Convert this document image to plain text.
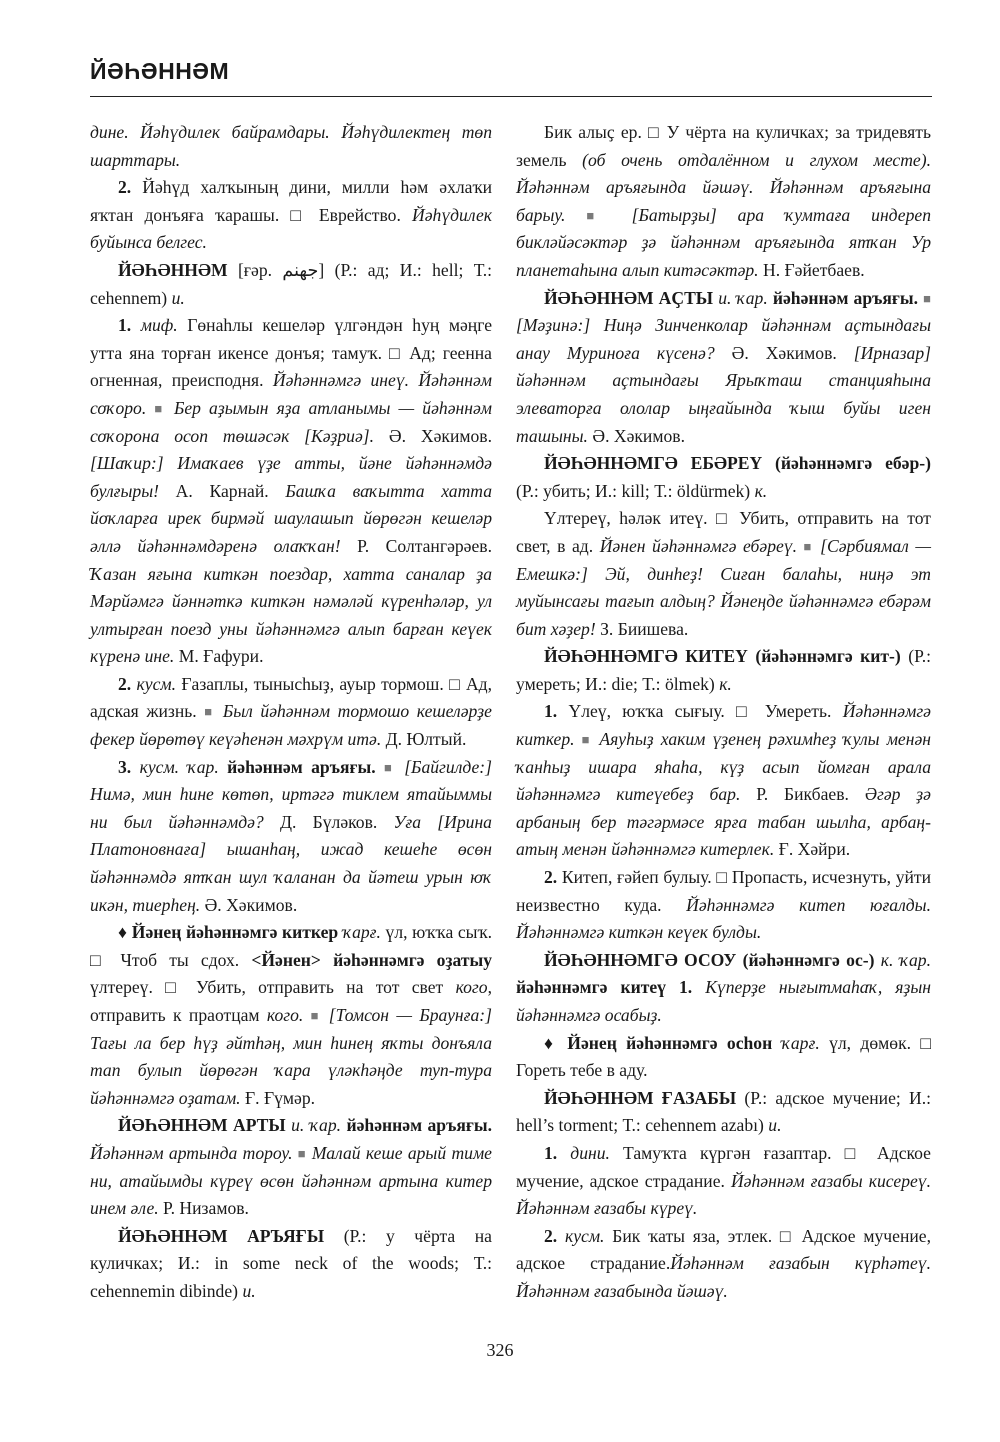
ЙӘҺӘННӘМ

дине. Йәһүдилек байрамдары. Йәһүдилектең төп шарттары.

2. Йәһүд халҡының дини, милли һәм әхлаҡи яҡтан донъяға ҡарашы. □ Еврейство. Йәһүдилек буйынса белгес.

ЙӘҺӘННӘМ [ғәр. جهنم] (Р.: ад; И.: hell; Т.: cehennem) и.

1. миф. Гөнаһлы кешеләр үлгәндән һуң мәңге утта яна торған икенсе донъя; тамуҡ. □ Ад; геенна огненная, преисподня. Йәһәннәмгә инеү. Йәһәннәм соҡоро. ■ Бер аҙымын яҙа атланымы — йәһәннәм соҡорона осоп төшәсәк [Кәҙриә]. Ә. Хәкимов. [Шаҡир:] Имаҡаев үҙе атты, йәне йәһәннәмдә булғыры! А. Карнай. Башҡа ваҡытта хатта йоҡларға ирек бирмәй шаулашып йөрөгән кешеләр әллә йәһәннәмдәренә олаҡҡан! Р. Солтангәрәев. Ҡазан яғына киткән поездар, хатта саналар ҙа Мәрйәмгә йәннәткә киткән нәмәләй күренһәләр, ул ултырған поезд уны йәһәннәмгә алып барған кеүек күренә ине. М. Ғафури.

2. кусм. Ғазаплы, тынысһыҙ, ауыр тормош. □ Ад, адская жизнь. ■ Был йәһәннәм тормошо кешеләрҙе фекер йөрөтөү кеүәһенән мәхрүм итә. Д. Юлтый.

3. кусм. ҡар. йәһәннәм аръяғы. ■ [Байгилде:] Нимә, мин һине көтөп, иртәгә тиклем ятайыммы ни был йәһәннәмдә? Д. Бүләков. Уға [Ирина Платоновнаға] ышанһаң, ижад кешеһе өсөн йәһәннәмдә ятҡан шул ҡаланан да йәтеш урын юҡ икән, тиерһең. Ә. Хәкимов.

♦ Йәнең йәһәннәмгә киткер ҡарғ. үл, юҡҡа сыҡ. □ Чтоб ты сдох. <Йәнен> йәһәннәмгә оҙатыу үлтереү. □ Убить, отправить на тот свет кого, отправить к праотцам кого. ■ [Томсон — Браунға:] Тағы ла бер һүҙ әйтһәң, мин һинең яҡты донъяла тап булып йөрөгән ҡара үләкһәңде туп-тура йәһәннәмгә оҙатам. Ғ. Ғүмәр.

ЙӘҺӘННӘМ АРТЫ и. ҡар. йәһәннәм аръяғы. Йәһәннәм артында тороу. ■ Малай кеше арый тиме ни, атайымды күреү өсөн йәһәннәм артына китер инем әле. Р. Низамов.

ЙӘҺӘННӘМ АРЪЯҒЫ (Р.: у чёрта на куличках; И.: in some neck of the woods; Т.: cehennemin dibinde) и.

Бик алыҫ ер. □ У чёрта на куличках; за тридевять земель (об очень отдалённом и глухом месте). Йәһәннәм аръяғында йәшәү. Йәһәннәм аръяғына барыу. ■ [Батырҙы] ара ҡумтаға индереп бикләйәсәктәр ҙә йәһәннәм аръяғында ятҡан Ур планетаһына алып китәсәктәр. Н. Ғәйетбаев.

ЙӘҺӘННӘМ АҪТЫ и. ҡар. йәһәннәм аръяғы. ■ [Мәҙинә:] Ниңә Зинченколар йәһәннәм аҫтындағы анау Муриноға күсенә? Ә. Хәкимов. [Ирназар] йәһәннәм аҫтындағы Ярыҡташ станцияһына элеваторға ололар ыңғайында ҡыш буйы иген ташыны. Ә. Хәкимов.

ЙӘҺӘННӘМГӘ ЕБӘРЕҮ (йәһәннәмгә ебәр-) (Р.: убить; И.: kill; Т.: öldürmek) к.

Үлтереү, һәләк итеү. □ Убить, отправить на тот свет, в ад. Йәнен йәһәннәмгә ебәреү. ■ [Сәрбиямал — Емешкә:] Эй, динһеҙ! Сиған балаһы, ниңә эт муйынсағы тағып алдың? Йәнеңде йәһәннәмгә ебәрәм бит хәҙер! З. Биишева.

ЙӘҺӘННӘМГӘ КИТЕҮ (йәһәннәмгә кит-) (Р.: умереть; И.: die; Т.: ölmek) к.

1. Үлеү, юҡҡа сығыу. □ Умереть. Йәһәннәмгә киткер. ■ Аяуһыҙ хаким үҙенең рәхимһеҙ ҡулы менән ҡанһыҙ ишара яһаһа, күҙ асып йомған арала йәһәннәмгә китеүебеҙ бар. Р. Бикбаев. Әгәр ҙә арбаның бер тәгәрмәсе ярға табан шылһа, арбаң-атың менән йәһәннәмгә китерлек. Ғ. Хәйри.

2. Китеп, ғәйеп булыу. □ Пропасть, исчезнуть, уйти неизвестно куда. Йәһәннәмгә китеп юғалды. Йәһәннәмгә киткән кеүек булды.

ЙӘҺӘННӘМГӘ ОСОУ (йәһәннәмгә ос-) к. ҡар. йәһәннәмгә китеү 1. Күперҙе нығытмаһаҡ, яҙын йәһәннәмгә осабыҙ.

♦ Йәнең йәһәннәмгә осһон ҡарғ. үл, дөмөк. □ Гореть тебе в аду.

ЙӘҺӘННӘМ ҒАЗАБЫ (Р.: адское мучение; И.: hell’s torment; Т.: cehennem azabı) и.

1. дини. Тамуҡта күргән ғазаптар. □ Адское мучение, адское страдание. Йәһәннәм ғазабы кисереү. Йәһәннәм ғазабы күреү.

2. кусм. Бик ҡаты яза, этлек. □ Адское мучение, адское страдание.Йәһәннәм ғазабын күрһәтеү. Йәһәннәм ғазабында йәшәү.

326
